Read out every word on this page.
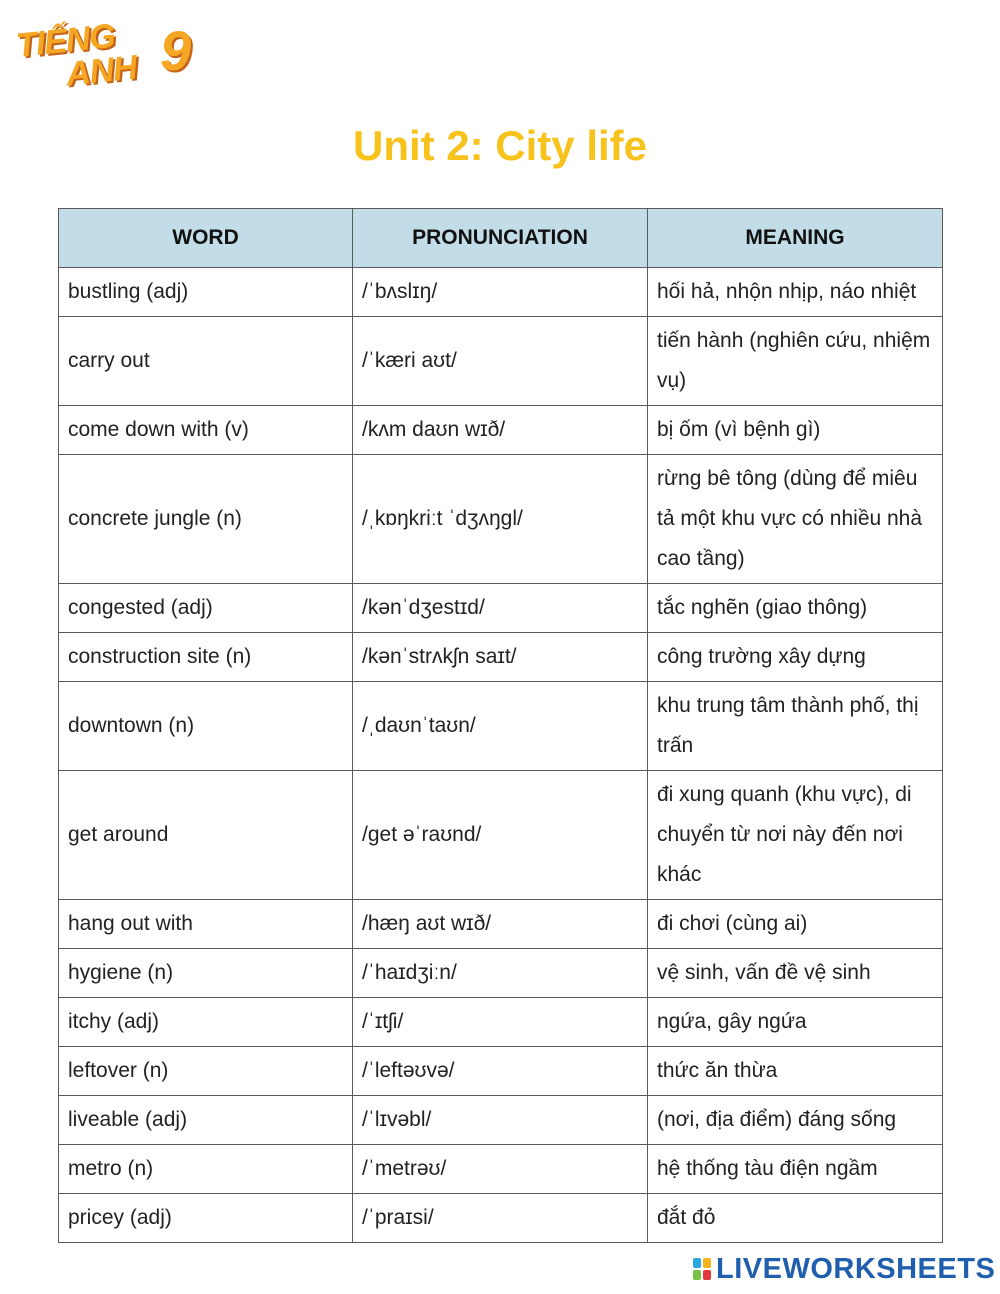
TIẾNG
ANH 9
Unit 2: City life
WORD	PRONUNCIATION	MEANING
bustling (adj)	/ˈbʌslɪŋ/	hối hả, nhộn nhịp, náo nhiệt
carry out	/ˈkæri aʊt/	tiến hành (nghiên cứu, nhiệm vụ)
come down with (v)	/kʌm daʊn wɪð/	bị ốm (vì bệnh gì)
concrete jungle (n)	/ˌkɒŋkriːt ˈdʒʌŋgl/	rừng bê tông (dùng để miêu tả một khu vực có nhiều nhà cao tầng)
congested (adj)	/kənˈdʒestɪd/	tắc nghẽn (giao thông)
construction site (n)	/kənˈstrʌkʃn saɪt/	công trường xây dựng
downtown (n)	/ˌdaʊnˈtaʊn/	khu trung tâm thành phố, thị trấn
get around	/get əˈraʊnd/	đi xung quanh (khu vực), di chuyển từ nơi này đến nơi khác
hang out with	/hæŋ aʊt wɪð/	đi chơi (cùng ai)
hygiene (n)	/ˈhaɪdʒiːn/	vệ sinh, vấn đề vệ sinh
itchy (adj)	/ˈɪtʃi/	ngứa, gây ngứa
leftover (n)	/ˈleftəʊvə/	thức ăn thừa
liveable (adj)	/ˈlɪvəbl/	(nơi, địa điểm) đáng sống
metro (n)	/ˈmetrəʊ/	hệ thống tàu điện ngầm
pricey (adj)	/ˈpraɪsi/	đắt đỏ
LIVEWORKSHEETS
